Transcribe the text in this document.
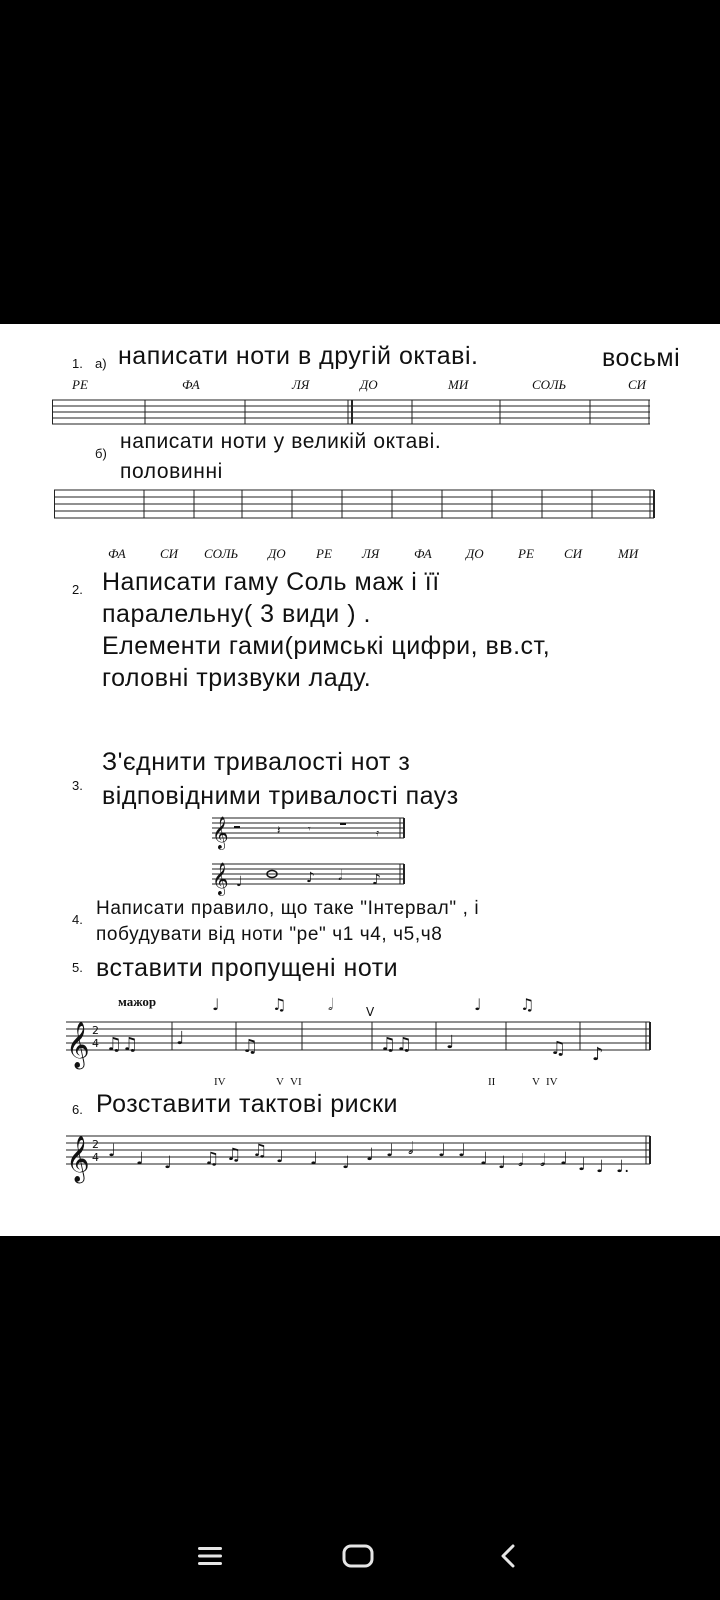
1. а) написати ноти в другій октаві.	восьмі
РЕ	ФА	ЛЯ	ДО	МИ	СОЛЬ	СИ
б)
написати ноти у великій октаві.
половинні
ФА	СИ СОЛЬ ДО РЕ ЛЯ	ФА	ДО	РЕ СИ	МИ
2. Написати гаму Соль маж і її
паралельну( 3 види ) .
Елементи гами(римські цифри, вв.ст,
головні тризвуки ладу.
З'єднити тривалості нот з
3. відповідними тривалості пауз
𝄞	𝄽	𝄾	𝄿
𝄞 ♩	♪ 𝅗𝅥 ♪
4.
Написати правило, що таке "Інтервал" , і
побудувати від ноти "ре" ч1 ч4, ч5,ч8
5. вставити пропущені ноти
мажор	♩	♫	𝅗𝅥	V	♩ ♫
𝄞 2
4 ♫♫ ♩	♫	♫♫ ♩	♫ ♪
IV	V VI	II	V IV
6. Розставити тактові риски
𝄞 2
4 ♩ ♩ ♩ ♫ ♫ ♫ ♩ ♩ ♩ ♩ ♩ 𝅗𝅥 ♩ ♩ ♩ ♩ 𝅗𝅥 𝅗𝅥 ♩ ♩ ♩ ♩.
